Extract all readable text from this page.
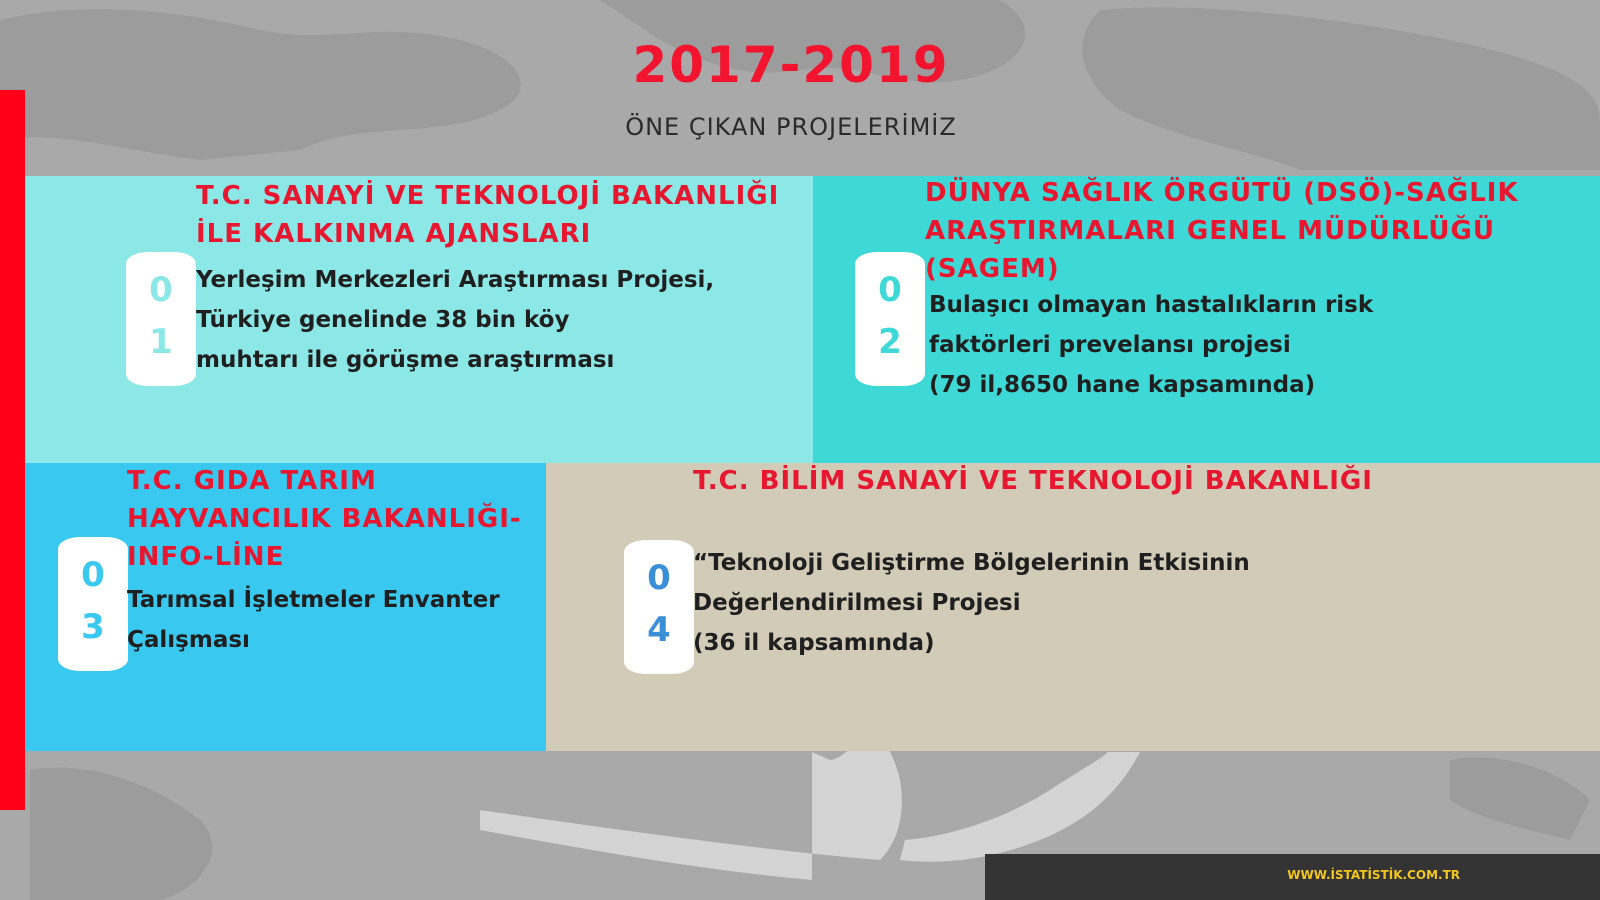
2017-2019
ÖNE ÇIKAN PROJELERİMİZ
0
1
T.C. SANAYİ VE TEKNOLOJİ BAKANLIĞI İLE KALKINMA AJANSLARI
Yerleşim Merkezleri Araştırması Projesi,
Türkiye genelinde 38 bin köy
muhtarı ile görüşme araştırması
0
2
DÜNYA SAĞLIK ÖRGÜTÜ (DSÖ)-SAĞLIK ARAŞTIRMALARI GENEL MÜDÜRLÜĞÜ (SAGEM)
Bulaşıcı olmayan hastalıkların risk
faktörleri prevelansı projesi
(79 il,8650 hane kapsamında)
0
3
T.C. GIDA TARIM HAYVANCILIK BAKANLIĞI-INFO-LİNE
Tarımsal İşletmeler Envanter
Çalışması
0
4
T.C. BİLİM SANAYİ VE TEKNOLOJİ BAKANLIĞI
“Teknoloji Geliştirme Bölgelerinin Etkisinin
Değerlendirilmesi Projesi
(36 il kapsamında)
WWW.İSTATİSTİK.COM.TR
